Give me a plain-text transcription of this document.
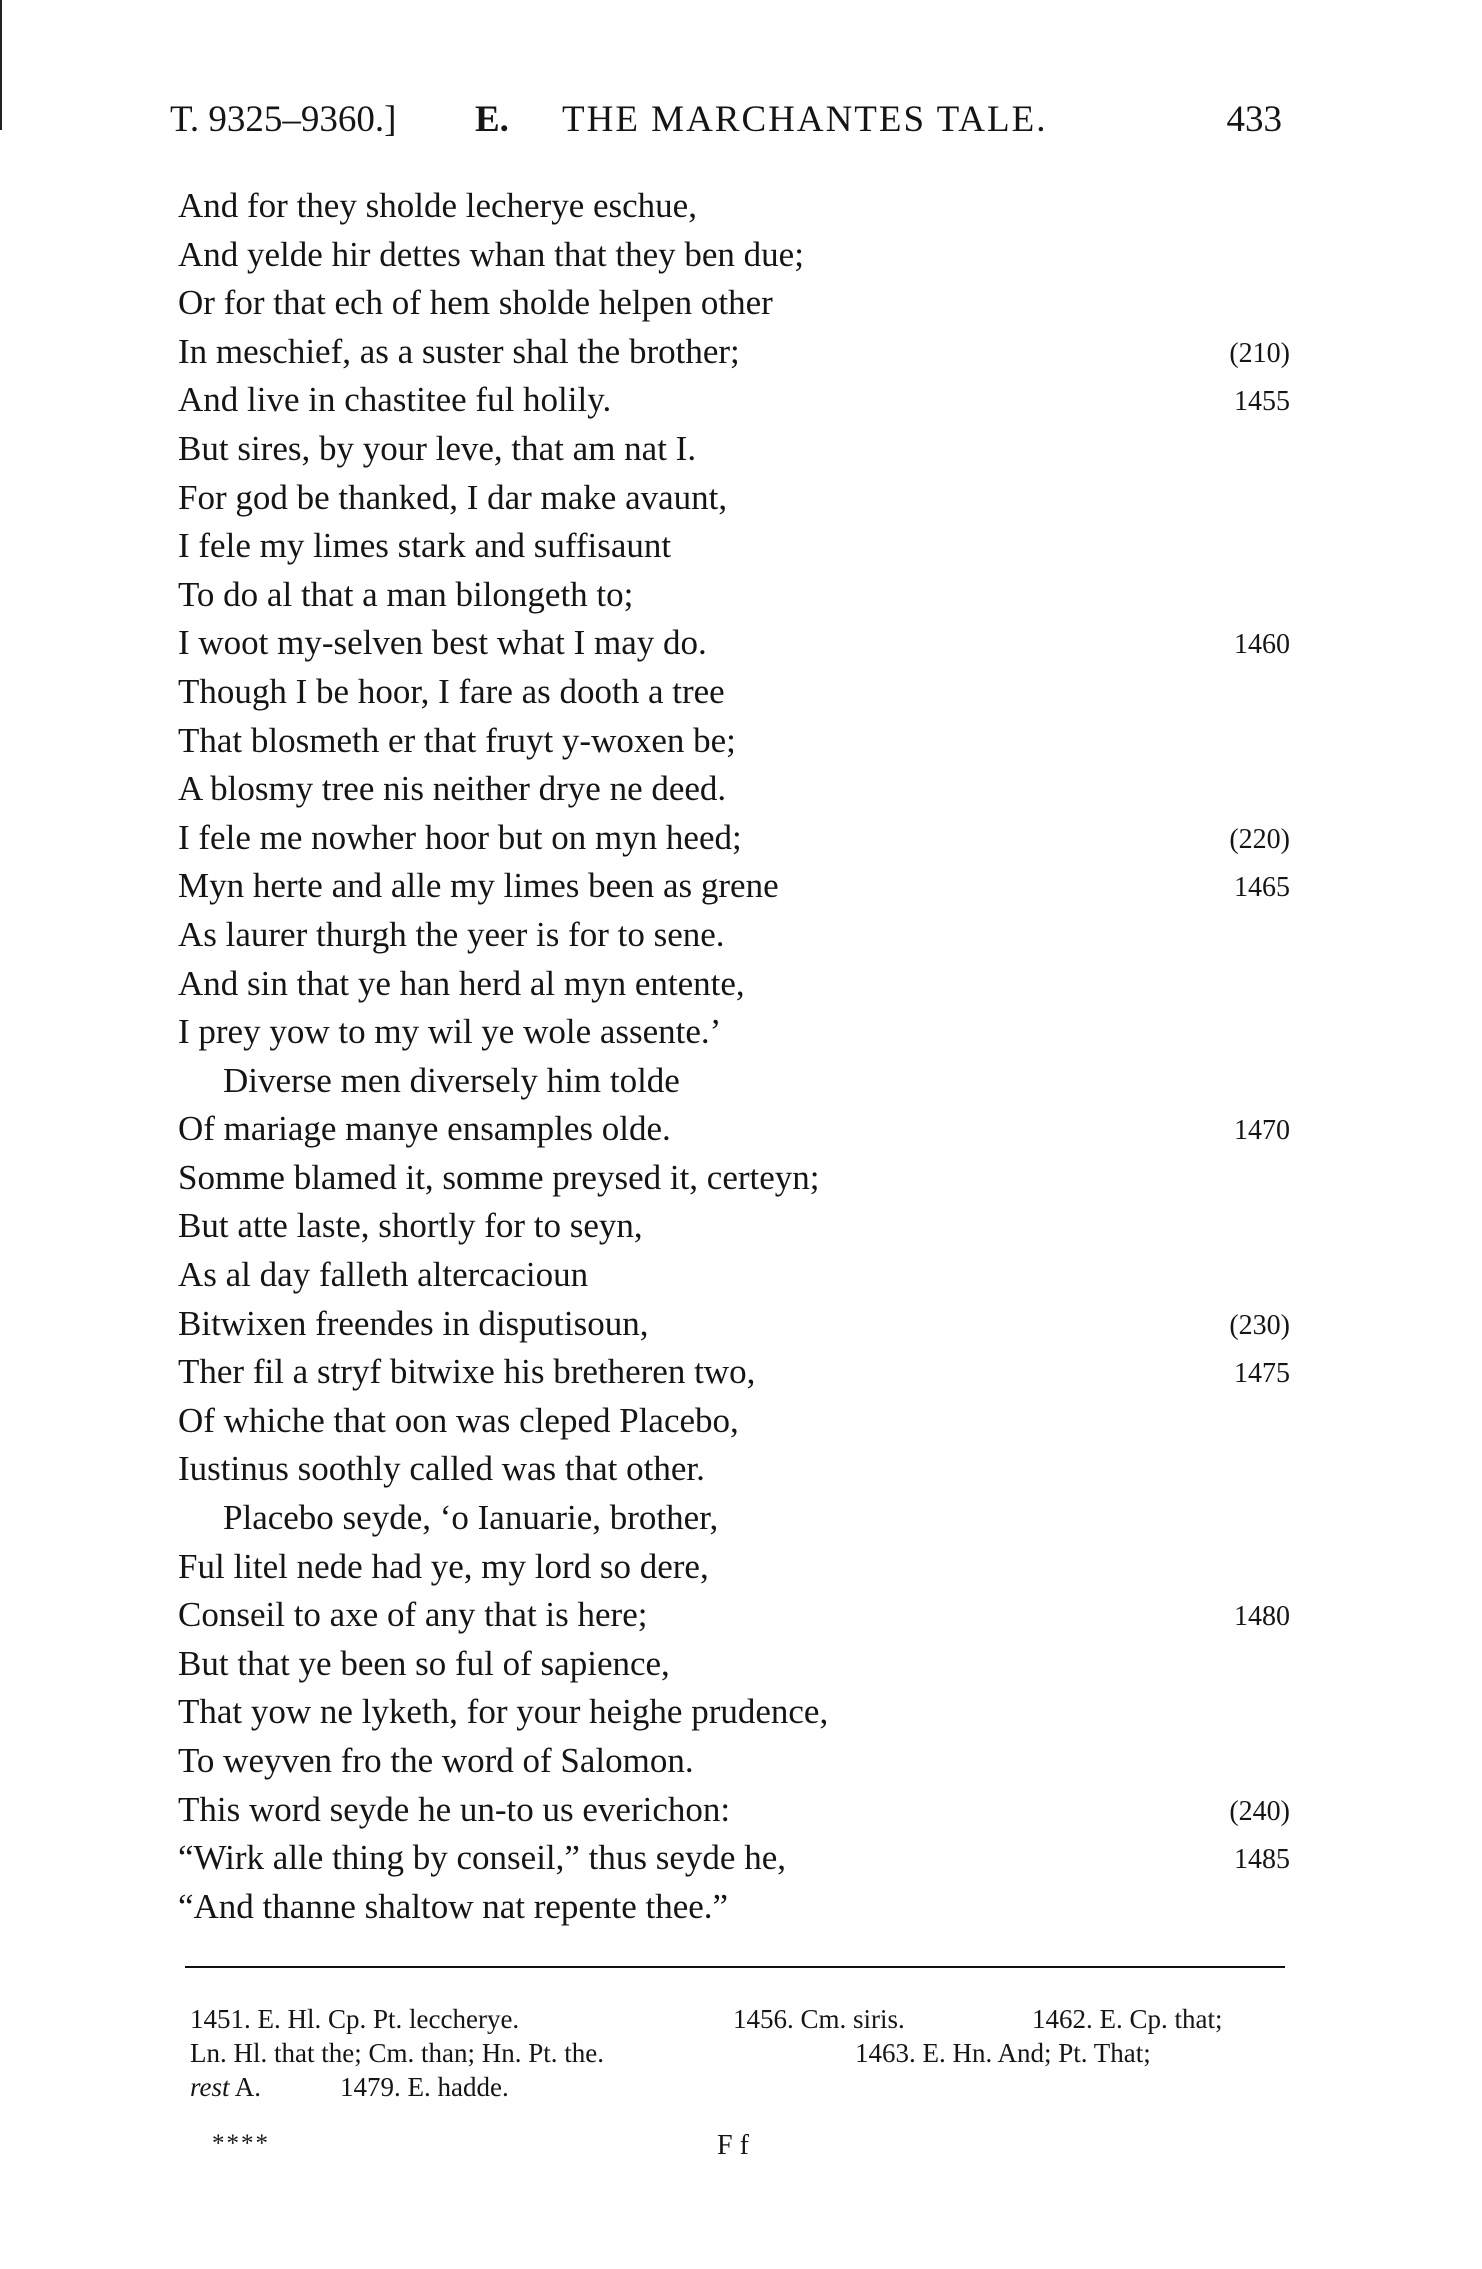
T. 9325–9360.] E. THE MARCHANTES TALE.	433
And for they sholde lecherye eschue,
And yelde hir dettes whan that they ben due;
Or for that ech of hem sholde helpen other
In meschief, as a suster shal the brother;	(210)
And live in chastitee ful holily.	1455
But sires, by your leve, that am nat I.
For god be thanked, I dar make avaunt,
I fele my limes stark and suffisaunt
To do al that a man bilongeth to;
I woot my-selven best what I may do.	1460
Though I be hoor, I fare as dooth a tree
That blosmeth er that fruyt y-woxen be;
A blosmy tree nis neither drye ne deed.
I fele me nowher hoor but on myn heed;	(220)
Myn herte and alle my limes been as grene	1465
As laurer thurgh the yeer is for to sene.
And sin that ye han herd al myn entente,
I prey yow to my wil ye wole assente.’
Diverse men diversely him tolde
Of mariage manye ensamples olde.	1470
Somme blamed it, somme preysed it, certeyn;
But atte laste, shortly for to seyn,
As al day falleth altercacioun
Bitwixen freendes in disputisoun,	(230)
Ther fil a stryf bitwixe his bretheren two,	1475
Of whiche that oon was cleped Placebo,
Iustinus soothly called was that other.
Placebo seyde, ‘o Ianuarie, brother,
Ful litel nede had ye, my lord so dere,
Conseil to axe of any that is here;	1480
But that ye been so ful of sapience,
That yow ne lyketh, for your heighe prudence,
To weyven fro the word of Salomon.
This word seyde he un-to us everichon:	(240)
“Wirk alle thing by conseil,” thus seyde he,	1485
“And thanne shaltow nat repente thee.”
1451. E. Hl. Cp. Pt. leccherye.	1456. Cm. siris.	1462. E. Cp. that;
Ln. Hl. that the; Cm. than; Hn. Pt. the.	1463. E. Hn. And; Pt. That;
rest A.	1479. E. hadde.
****	F f
